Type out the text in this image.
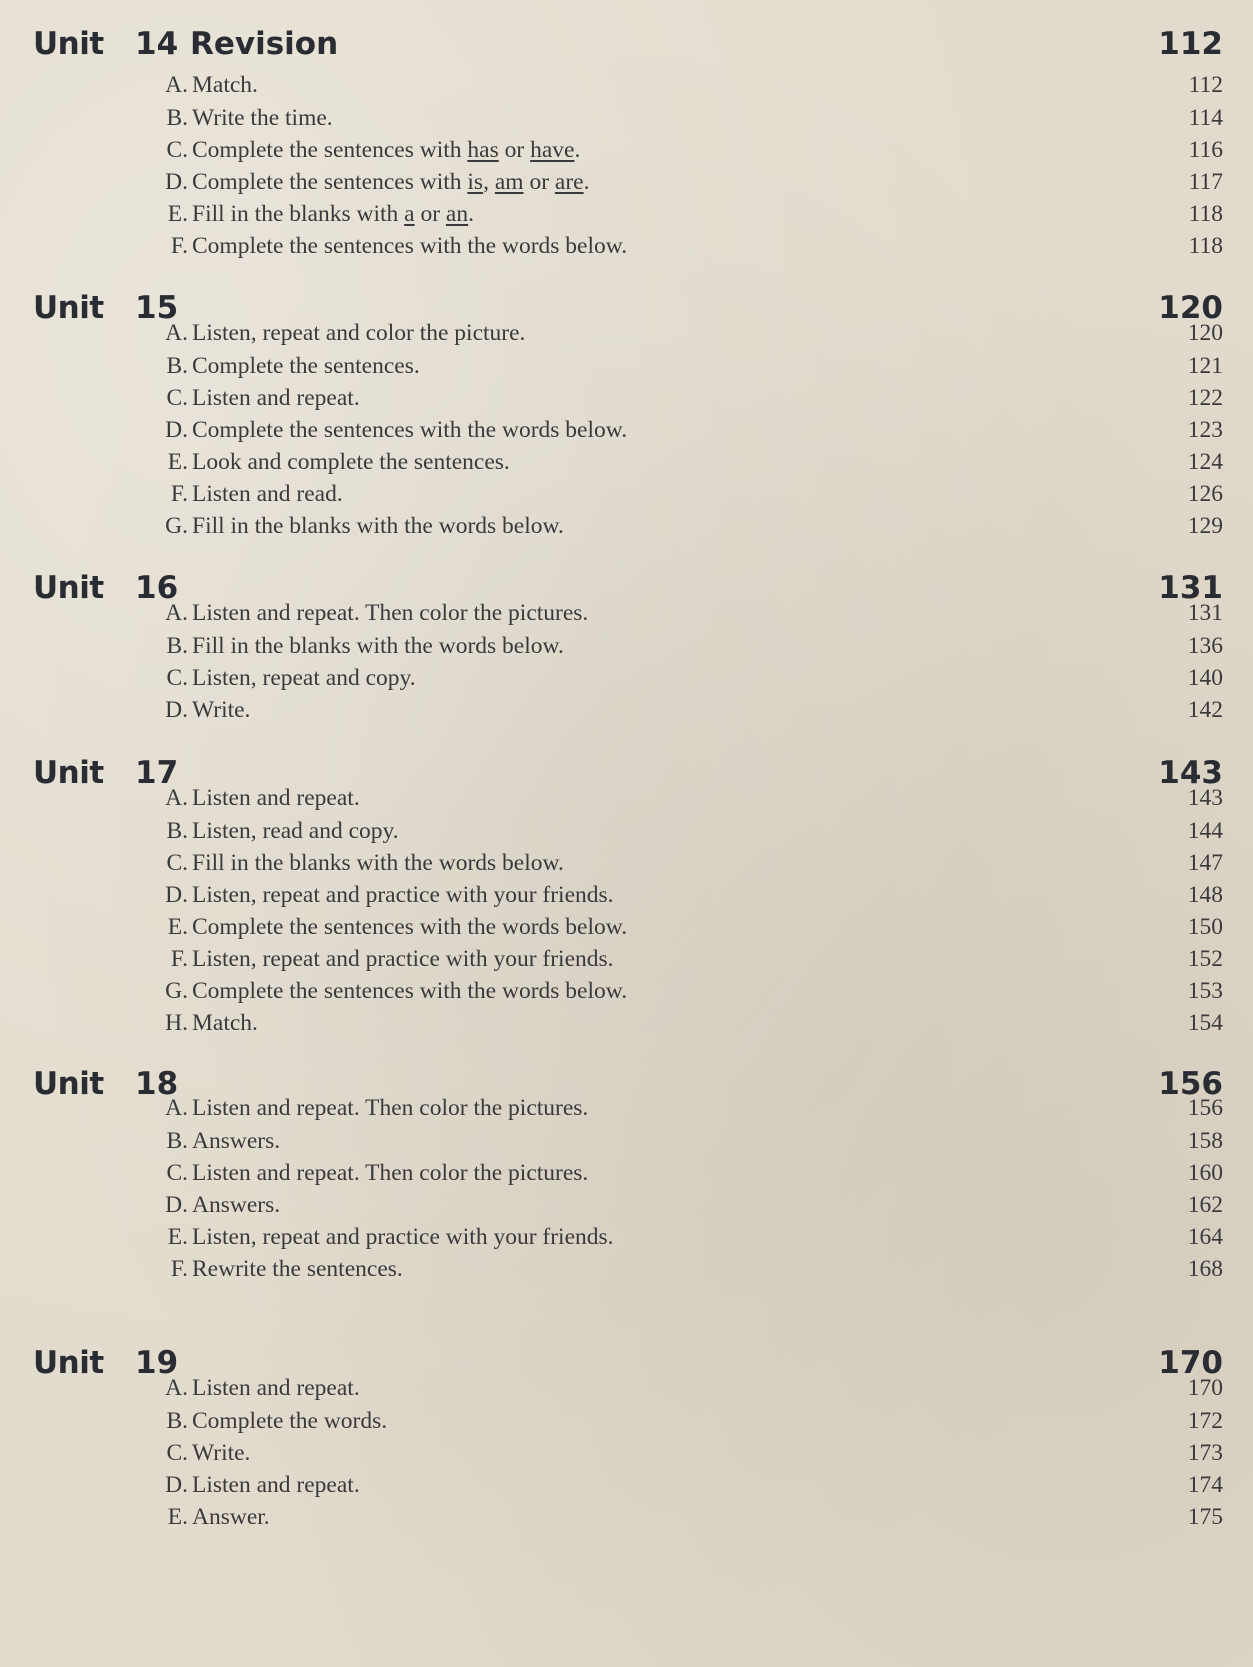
Unit 14 Revision	112
A. Match.	112
B. Write the time.	114
C. Complete the sentences with has or have.	116
D. Complete the sentences with is, am or are.	117
E. Fill in the blanks with a or an.	118
F. Complete the sentences with the words below.	118
Unit 15	120
A. Listen, repeat and color the picture.	120
B. Complete the sentences.	121
C. Listen and repeat.	122
D. Complete the sentences with the words below.	123
E. Look and complete the sentences.	124
F. Listen and read.	126
G. Fill in the blanks with the words below.	129
Unit 16	131
A. Listen and repeat. Then color the pictures.	131
B. Fill in the blanks with the words below.	136
C. Listen, repeat and copy.	140
D. Write.	142
Unit 17	143
A. Listen and repeat.	143
B. Listen, read and copy.	144
C. Fill in the blanks with the words below.	147
D. Listen, repeat and practice with your friends.	148
E. Complete the sentences with the words below.	150
F. Listen, repeat and practice with your friends.	152
G. Complete the sentences with the words below.	153
H. Match.	154
Unit 18	156
A. Listen and repeat. Then color the pictures.	156
B. Answers.	158
C. Listen and repeat. Then color the pictures.	160
D. Answers.	162
E. Listen, repeat and practice with your friends.	164
F. Rewrite the sentences.	168
Unit 19	170
A. Listen and repeat.	170
B. Complete the words.	172
C. Write.	173
D. Listen and repeat.	174
E. Answer.	175
